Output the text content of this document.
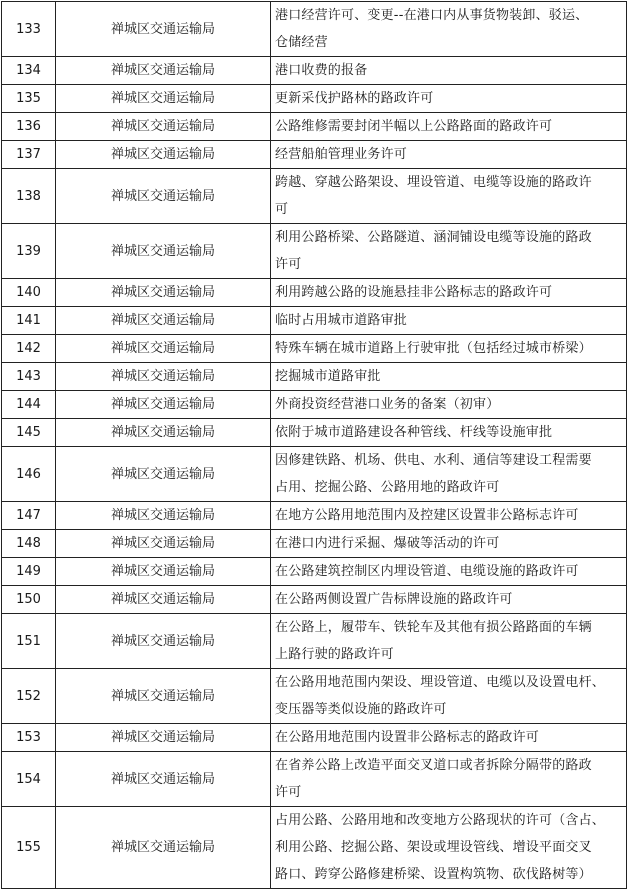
133	禅城区交通运输局	港口经营许可、变更--在港口内从事货物装卸、驳运、
仓储经营

134	禅城区交通运输局	港口收费的报备

135	禅城区交通运输局	更新采伐护路林的路政许可

136	禅城区交通运输局	公路维修需要封闭半幅以上公路路面的路政许可

137	禅城区交通运输局	经营船舶管理业务许可

138	禅城区交通运输局	跨越、穿越公路架设、埋设管道、电缆等设施的路政许
可

139	禅城区交通运输局	利用公路桥梁、公路隧道、涵洞铺设电缆等设施的路政
许可

140	禅城区交通运输局	利用跨越公路的设施悬挂非公路标志的路政许可

141	禅城区交通运输局	临时占用城市道路审批

142	禅城区交通运输局	特殊车辆在城市道路上行驶审批（包括经过城市桥梁）

143	禅城区交通运输局	挖掘城市道路审批

144	禅城区交通运输局	外商投资经营港口业务的备案（初审）

145	禅城区交通运输局	依附于城市道路建设各种管线、杆线等设施审批

146	禅城区交通运输局	因修建铁路、机场、供电、水利、通信等建设工程需要
占用、挖掘公路、公路用地的路政许可

147	禅城区交通运输局	在地方公路用地范围内及控建区设置非公路标志许可

148	禅城区交通运输局	在港口内进行采掘、爆破等活动的许可

149	禅城区交通运输局	在公路建筑控制区内埋设管道、电缆设施的路政许可

150	禅城区交通运输局	在公路两侧设置广告标牌设施的路政许可

151	禅城区交通运输局	在公路上，履带车、铁轮车及其他有损公路路面的车辆
上路行驶的路政许可

152	禅城区交通运输局	在公路用地范围内架设、埋设管道、电缆以及设置电杆、
变压器等类似设施的路政许可

153	禅城区交通运输局	在公路用地范围内设置非公路标志的路政许可

154	禅城区交通运输局	在省养公路上改造平面交叉道口或者拆除分隔带的路政
许可

155	禅城区交通运输局	占用公路、公路用地和改变地方公路现状的许可（含占、
利用公路、挖掘公路、架设或埋设管线、增设平面交叉
路口、跨穿公路修建桥梁、设置构筑物、砍伐路树等）
